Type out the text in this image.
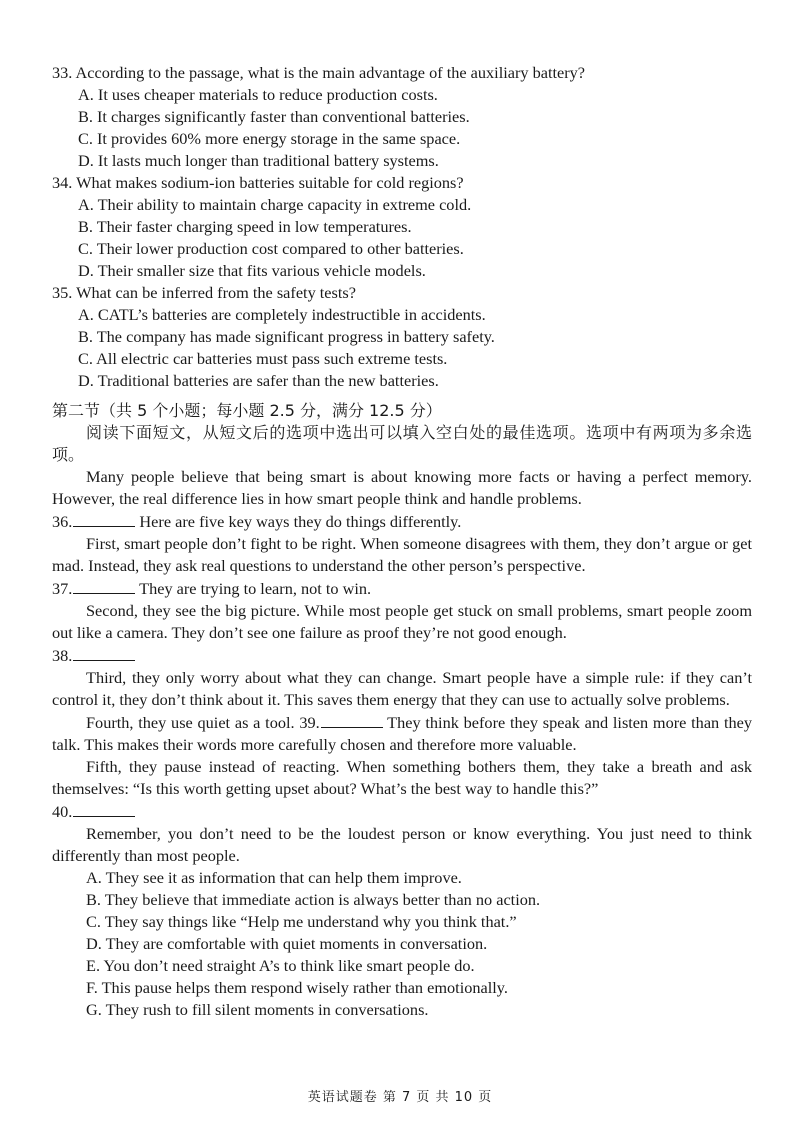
33. According to the passage, what is the main advantage of the auxiliary battery?
A. It uses cheaper materials to reduce production costs.
B. It charges significantly faster than conventional batteries.
C. It provides 60% more energy storage in the same space.
D. It lasts much longer than traditional battery systems.
34. What makes sodium-ion batteries suitable for cold regions?
A. Their ability to maintain charge capacity in extreme cold.
B. Their faster charging speed in low temperatures.
C. Their lower production cost compared to other batteries.
D. Their smaller size that fits various vehicle models.
35. What can be inferred from the safety tests?
A. CATL’s batteries are completely indestructible in accidents.
B. The company has made significant progress in battery safety.
C. All electric car batteries must pass such extreme tests.
D. Traditional batteries are safer than the new batteries.
第二节（共 5 个小题；每小题 2.5 分，满分 12.5 分）
阅读下面短文，从短文后的选项中选出可以填入空白处的最佳选项。选项中有两项为多余选项。
Many people believe that being smart is about knowing more facts or having a perfect memory. However, the real difference lies in how smart people think and handle problems.
36.	Here are five key ways they do things differently.
First, smart people don’t fight to be right. When someone disagrees with them, they don’t argue or get mad. Instead, they ask real questions to understand the other person’s perspective.
37.	They are trying to learn, not to win.
Second, they see the big picture. While most people get stuck on small problems, smart people zoom out like a camera. They don’t see one failure as proof they’re not good enough.
38.
Third, they only worry about what they can change. Smart people have a simple rule: if they can’t control it, they don’t think about it. This saves them energy that they can use to actually solve problems.
Fourth, they use quiet as a tool. 39.	They think before they speak and listen more than they talk. This makes their words more carefully chosen and therefore more valuable.
Fifth, they pause instead of reacting. When something bothers them, they take a breath and ask themselves: “Is this worth getting upset about? What’s the best way to handle this?”
40.
Remember, you don’t need to be the loudest person or know everything. You just need to think differently than most people.
A. They see it as information that can help them improve.
B. They believe that immediate action is always better than no action.
C. They say things like “Help me understand why you think that.”
D. They are comfortable with quiet moments in conversation.
E. You don’t need straight A’s to think like smart people do.
F. This pause helps them respond wisely rather than emotionally.
G. They rush to fill silent moments in conversations.
英语试题卷 第 7 页 共 10 页
